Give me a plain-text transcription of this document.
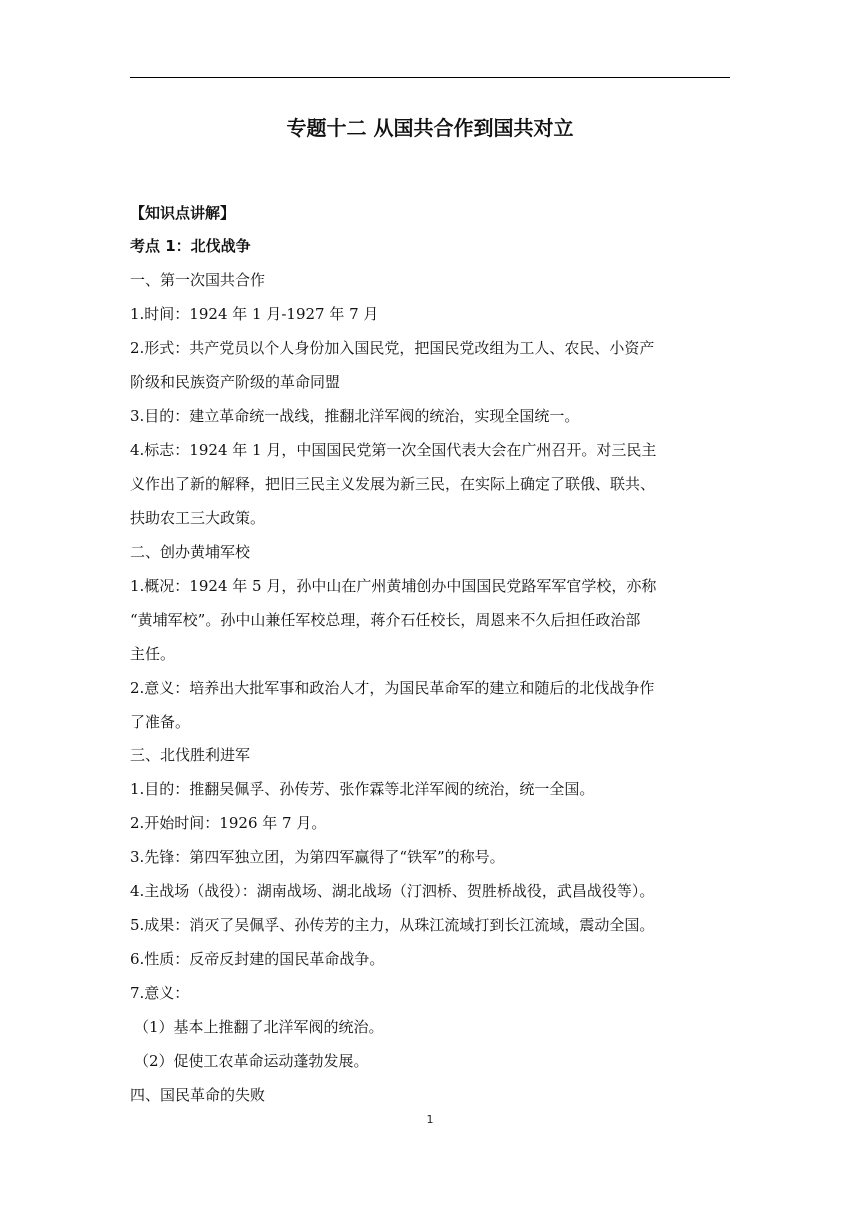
专题十二 从国共合作到国共对立
【知识点讲解】
考点 1：北伐战争
一、第一次国共合作
1.时间：1924 年 1 月-1927 年 7 月
2.形式：共产党员以个人身份加入国民党，把国民党改组为工人、农民、小资产
阶级和民族资产阶级的革命同盟
3.目的：建立革命统一战线，推翻北洋军阀的统治，实现全国统一。
4.标志：1924 年 1 月，中国国民党第一次全国代表大会在广州召开。对三民主
义作出了新的解释，把旧三民主义发展为新三民，在实际上确定了联俄、联共、
扶助农工三大政策。
二、创办黄埔军校
1.概况：1924 年 5 月，孙中山在广州黄埔创办中国国民党路军军官学校，亦称
“黄埔军校”。孙中山兼任军校总理，蒋介石任校长，周恩来不久后担任政治部
主任。
2.意义：培养出大批军事和政治人才，为国民革命军的建立和随后的北伐战争作
了准备。
三、北伐胜利进军
1.目的：推翻吴佩孚、孙传芳、张作霖等北洋军阀的统治，统一全国。
2.开始时间：1926 年 7 月。
3.先锋：第四军独立团，为第四军赢得了“铁军”的称号。
4.主战场（战役）：湖南战场、湖北战场（汀泗桥、贺胜桥战役，武昌战役等）。
5.成果：消灭了吴佩孚、孙传芳的主力，从珠江流域打到长江流域，震动全国。
6.性质：反帝反封建的国民革命战争。
7.意义：
（1）基本上推翻了北洋军阀的统治。
（2）促使工农革命运动蓬勃发展。
四、国民革命的失败
1
